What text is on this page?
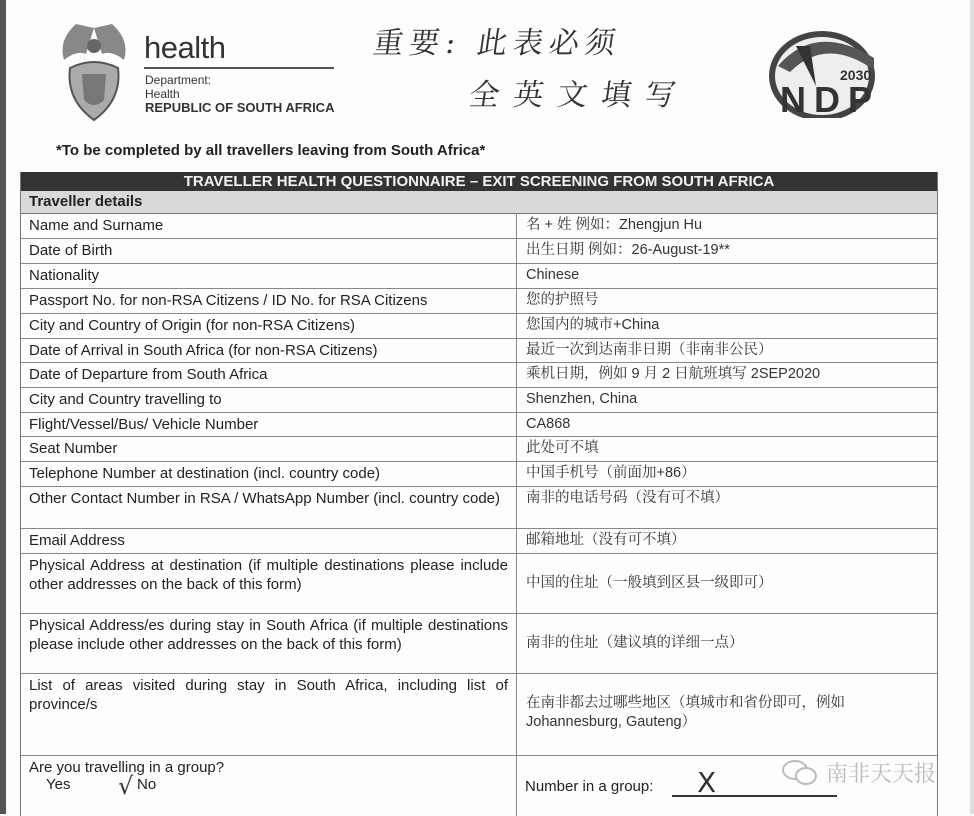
health
Department:
Health
REPUBLIC OF SOUTH AFRICA
重要: 此表必须
全英文填写
2030
NDP
*To be completed by all travellers leaving from South Africa*
TRAVELLER HEALTH QUESTIONNAIRE – EXIT SCREENING FROM SOUTH AFRICA
Traveller details
Name and Surname	名 + 姓 例如：Zhengjun Hu
Date of Birth	出生日期 例如：26-August-19**
Nationality	Chinese
Passport No. for non-RSA Citizens / ID No. for RSA Citizens	您的护照号
City and Country of Origin (for non-RSA Citizens)	您国内的城市+China
Date of Arrival in South Africa (for non-RSA Citizens)	最近一次到达南非日期（非南非公民）
Date of Departure from South Africa	乘机日期，例如 9 月 2 日航班填写 2SEP2020
City and Country travelling to	Shenzhen, China
Flight/Vessel/Bus/ Vehicle Number	CA868
Seat Number	此处可不填
Telephone Number at destination (incl. country code)	中国手机号（前面加+86）
Other Contact Number in RSA / WhatsApp Number (incl. country code)	南非的电话号码（没有可不填）
Email Address	邮箱地址（没有可不填）
Physical Address at destination (if multiple destinations please include other addresses on the back of this form)	中国的住址（一般填到区县一级即可）
Physical Address/es during stay in South Africa (if multiple destinations please include other addresses on the back of this form)	南非的住址（建议填的详细一点）
List of areas visited during stay in South Africa, including list of province/s	在南非都去过哪些地区（填城市和省份即可，例如 Johannesburg, Gauteng）
Are you travelling in a group?
Yes √ No	Number in a group: X	南非天天报
